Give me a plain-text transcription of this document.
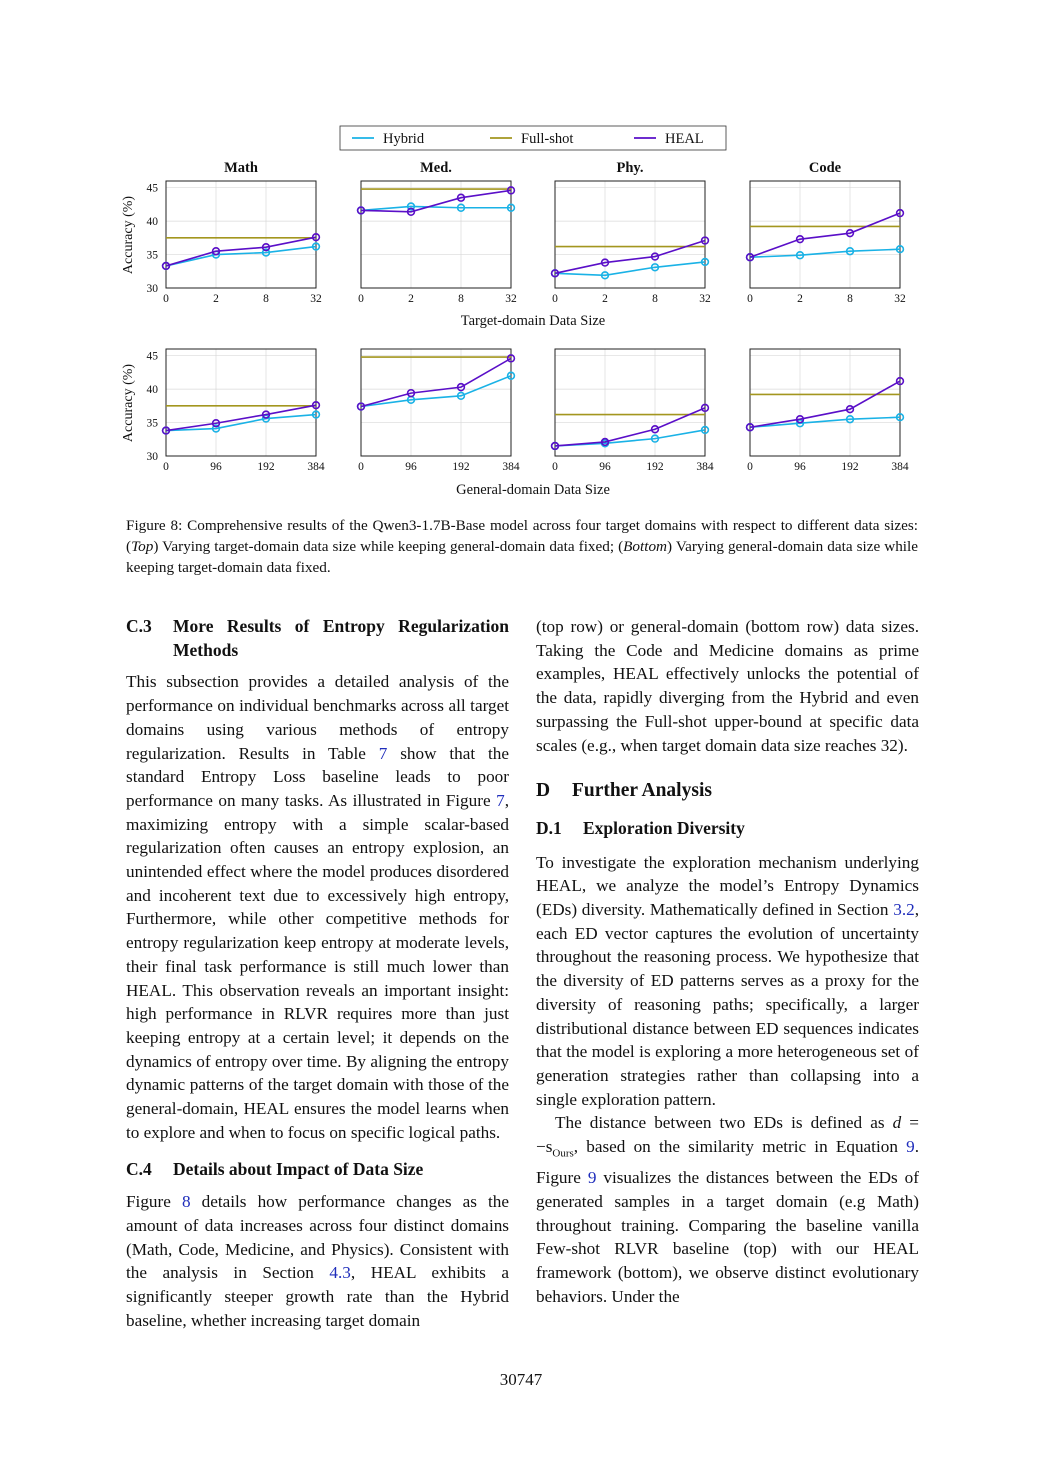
Hybrid	Full-shot	HEAL
Math
30
35
40
45
0	2	8	32
Med.
0	2	8	32
Phy.
0	2	8	32
Code
0	2	8	32
30
35
40
45
0	96	192	384	0	96	192	384	0	96	192	384	0	96	192	384
Accuracy (%)
Accuracy (%)
Target-domain Data Size
General-domain Data Size
Figure 8: Comprehensive results of the Qwen3-1.7B-Base model across four target domains with respect to different data sizes: (Top) Varying target-domain data size while keeping general-domain data fixed; (Bottom) Varying general-domain data size while keeping target-domain data fixed.
C.3	More Results of Entropy Regularization Methods

This subsection provides a detailed analysis of the performance on individual benchmarks across all target domains using various methods of entropy regularization. Results in Table 7 show that the standard Entropy Loss baseline leads to poor performance on many tasks. As illustrated in Figure 7, maximizing entropy with a simple scalar-based regularization often causes an entropy explosion, an unintended effect where the model produces disordered and incoherent text due to excessively high entropy, Furthermore, while other competitive methods for entropy regularization keep entropy at moderate levels, their final task performance is still much lower than HEAL. This observation reveals an important insight: high performance in RLVR requires more than just keeping entropy at a certain level; it depends on the dynamics of entropy over time. By aligning the entropy dynamic patterns of the target domain with those of the general-domain, HEAL ensures the model learns when to explore and when to focus on specific logical paths.

C.4	Details about Impact of Data Size

Figure 8 details how performance changes as the amount of data increases across four distinct domains (Math, Code, Medicine, and Physics). Consistent with the analysis in Section 4.3, HEAL exhibits a significantly steeper growth rate than the Hybrid baseline, whether increasing target domain

(top row) or general-domain (bottom row) data sizes. Taking the Code and Medicine domains as prime examples, HEAL effectively unlocks the potential of the data, rapidly diverging from the Hybrid and even surpassing the Full-shot upper-bound at specific data scales (e.g., when target domain data size reaches 32).

D	Further Analysis
D.1	Exploration Diversity

To investigate the exploration mechanism underlying HEAL, we analyze the model’s Entropy Dynamics (EDs) diversity. Mathematically defined in Section 3.2, each ED vector captures the evolution of uncertainty throughout the reasoning process. We hypothesize that the diversity of ED patterns serves as a proxy for the diversity of reasoning paths; specifically, a larger distributional distance between ED sequences indicates that the model is exploring a more heterogeneous set of generation strategies rather than collapsing into a single exploration pattern.

The distance between two EDs is defined as $d = -s_{Ours}$, based on the similarity metric in Equation 9. Figure 9 visualizes the distances between the EDs of generated samples in a target domain (e.g Math) throughout training. Comparing the baseline vanilla Few-shot RLVR baseline (top) with our HEAL framework (bottom), we observe distinct evolutionary behaviors. Under the

30747
